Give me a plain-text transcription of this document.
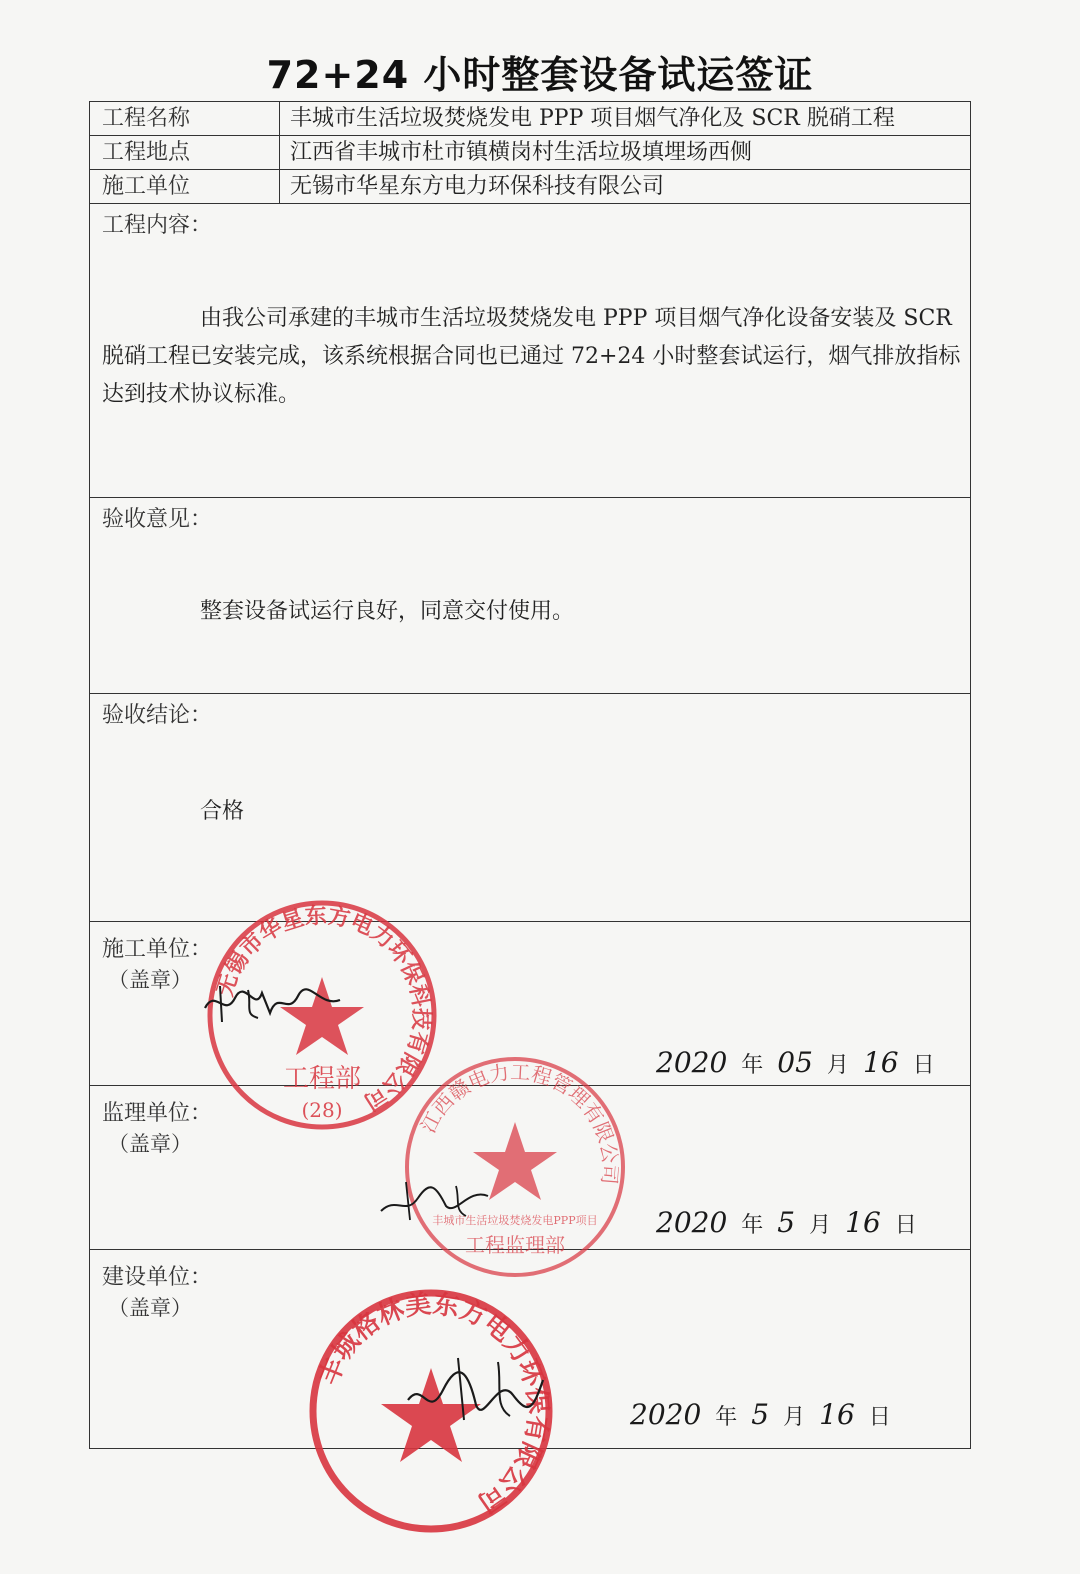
72+24 小时整套设备试运签证
工程名称	丰城市生活垃圾焚烧发电 PPP 项目烟气净化及 SCR 脱硝工程
工程地点	江西省丰城市杜市镇横岗村生活垃圾填埋场西侧
施工单位	无锡市华星东方电力环保科技有限公司
工程内容：
由我公司承建的丰城市生活垃圾焚烧发电 PPP 项目烟气净化设备安装及 SCR 脱硝工程已安装完成，该系统根据合同也已通过 72+24 小时整套试运行，烟气排放指标达到技术协议标准。
验收意见：
整套设备试运行良好，同意交付使用。
验收结论：
合格
施工单位：
（盖章）
2020 年 05 月 16 日
监理单位：
（盖章）
2020 年 5 月 16 日
建设单位：
（盖章）
2020 年 5 月 16 日
无锡市华星东方电力环保科技有限公司
工程部
(28)	江西赣电力工程管理有限公司
丰城市生活垃圾焚烧发电PPP项目
工程监理部
丰城格林美东方电力环保有限公司
